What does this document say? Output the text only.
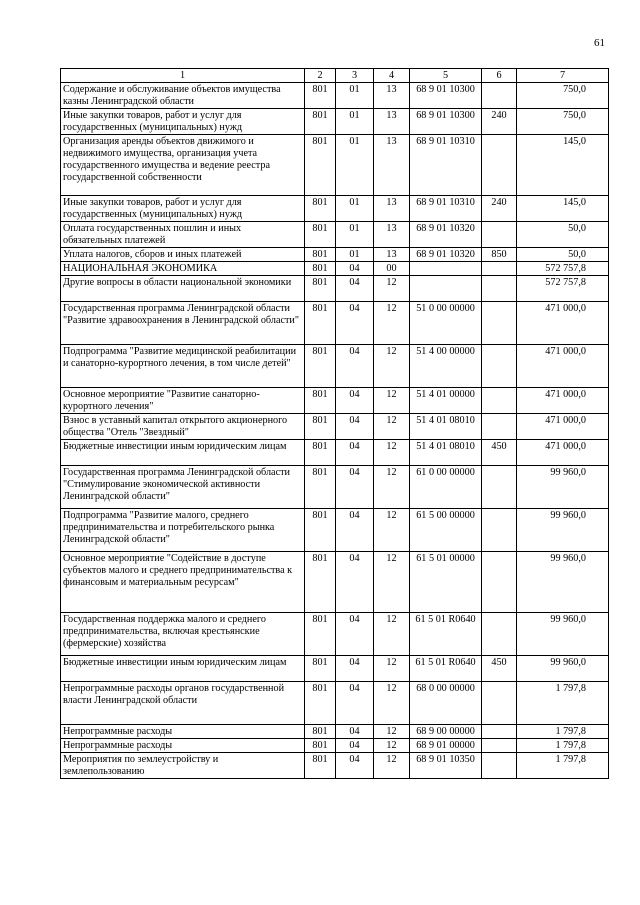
61
1	2	3	4	5	6	7
Содержание и обслуживание объектов имущества казны Ленинградской области	801	01	13	68 9 01 10300		750,0
Иные закупки товаров, работ и услуг для государственных (муниципальных) нужд	801	01	13	68 9 01 10300	240	750,0
Организация аренды объектов движимого и недвижимого имущества, организация учета государственного имущества и ведение реестра государственной собственности	801	01	13	68 9 01 10310		145,0
Иные закупки товаров, работ и услуг для государственных (муниципальных) нужд	801	01	13	68 9 01 10310	240	145,0
Оплата государственных пошлин и иных обязательных платежей	801	01	13	68 9 01 10320		50,0
Уплата налогов, сборов и иных платежей	801	01	13	68 9 01 10320	850	50,0
НАЦИОНАЛЬНАЯ ЭКОНОМИКА	801	04	00			572 757,8
Другие вопросы в области национальной экономики	801	04	12			572 757,8
Государственная программа Ленинградской области "Развитие здравоохранения в Ленинградской области"	801	04	12	51 0 00 00000		471 000,0
Подпрограмма "Развитие медицинской реабилитации и санаторно-курортного лечения, в том числе детей"	801	04	12	51 4 00 00000		471 000,0
Основное мероприятие "Развитие санаторно-курортного лечения"	801	04	12	51 4 01 00000		471 000,0
Взнос в уставный капитал открытого акционерного общества "Отель "Звездный"	801	04	12	51 4 01 08010		471 000,0
Бюджетные инвестиции иным юридическим лицам	801	04	12	51 4 01 08010	450	471 000,0
Государственная программа Ленинградской области "Стимулирование экономической активности Ленинградской области"	801	04	12	61 0 00 00000		99 960,0
Подпрограмма "Развитие малого, среднего предпринимательства и потребительского рынка Ленинградской области"	801	04	12	61 5 00 00000		99 960,0
Основное мероприятие "Содействие в доступе субъектов малого и среднего предпринимательства к финансовым и материальным ресурсам"	801	04	12	61 5 01 00000		99 960,0
Государственная поддержка малого и среднего предпринимательства, включая крестьянские (фермерские) хозяйства	801	04	12	61 5 01 R0640		99 960,0
Бюджетные инвестиции иным юридическим лицам	801	04	12	61 5 01 R0640	450	99 960,0
Непрограммные расходы органов государственной власти Ленинградской области	801	04	12	68 0 00 00000		1 797,8
Непрограммные расходы	801	04	12	68 9 00 00000		1 797,8
Непрограммные расходы	801	04	12	68 9 01 00000		1 797,8
Мероприятия по землеустройству и землепользованию	801	04	12	68 9 01 10350		1 797,8
